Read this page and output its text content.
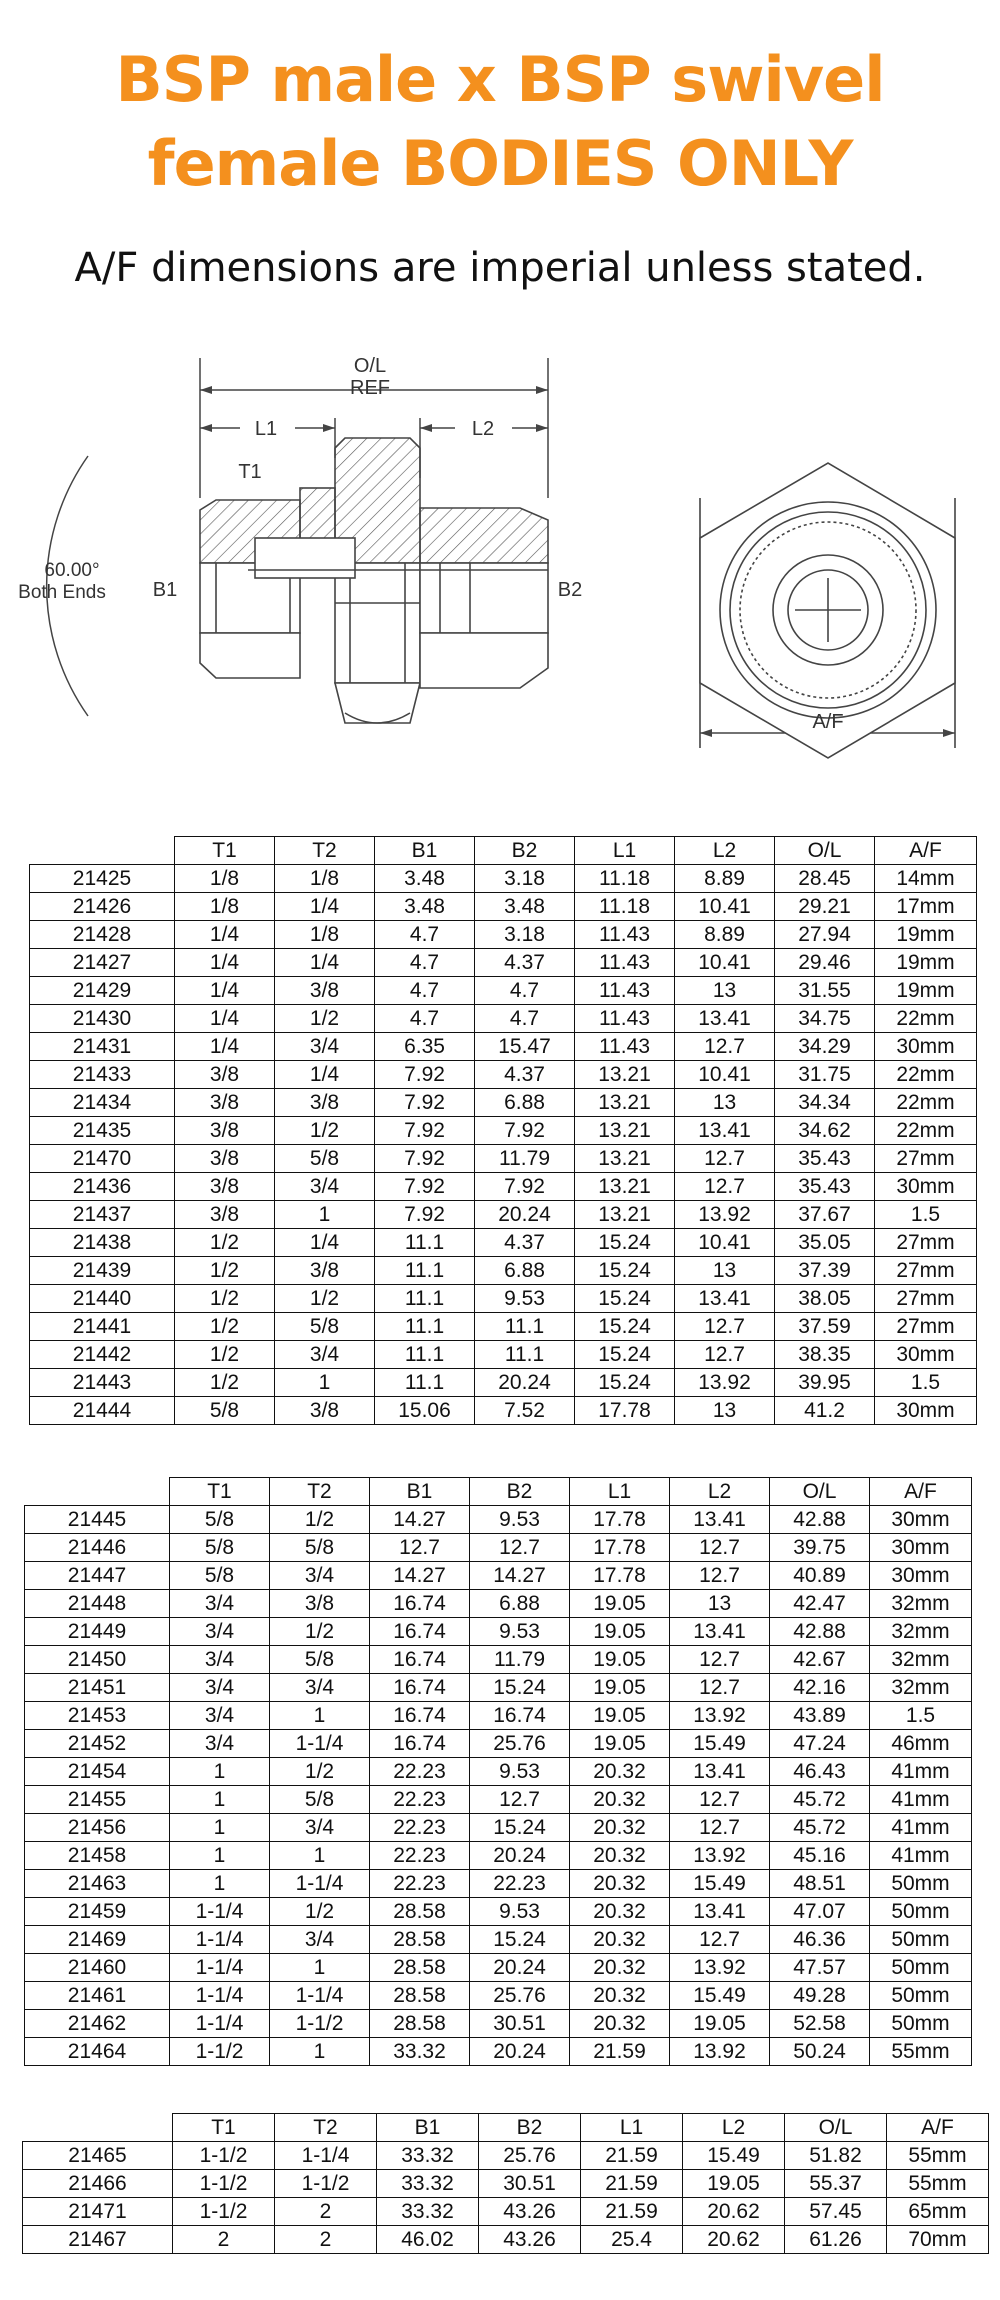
BSP male x BSP swivel
female BODIES ONLY
A/F dimensions are imperial unless stated.
O/L
REF
L1	L2
T1
B1	B2
60.00°
Both Ends
A/F
	T1	T2	B1	B2	L1	L2	O/L	A/F
21425	1/8	1/8	3.48	3.18	11.18	8.89	28.45	14mm
21426	1/8	1/4	3.48	3.48	11.18	10.41	29.21	17mm
21428	1/4	1/8	4.7	3.18	11.43	8.89	27.94	19mm
21427	1/4	1/4	4.7	4.37	11.43	10.41	29.46	19mm
21429	1/4	3/8	4.7	4.7	11.43	13	31.55	19mm
21430	1/4	1/2	4.7	4.7	11.43	13.41	34.75	22mm
21431	1/4	3/4	6.35	15.47	11.43	12.7	34.29	30mm
21433	3/8	1/4	7.92	4.37	13.21	10.41	31.75	22mm
21434	3/8	3/8	7.92	6.88	13.21	13	34.34	22mm
21435	3/8	1/2	7.92	7.92	13.21	13.41	34.62	22mm
21470	3/8	5/8	7.92	11.79	13.21	12.7	35.43	27mm
21436	3/8	3/4	7.92	7.92	13.21	12.7	35.43	30mm
21437	3/8	1	7.92	20.24	13.21	13.92	37.67	1.5
21438	1/2	1/4	11.1	4.37	15.24	10.41	35.05	27mm
21439	1/2	3/8	11.1	6.88	15.24	13	37.39	27mm
21440	1/2	1/2	11.1	9.53	15.24	13.41	38.05	27mm
21441	1/2	5/8	11.1	11.1	15.24	12.7	37.59	27mm
21442	1/2	3/4	11.1	11.1	15.24	12.7	38.35	30mm
21443	1/2	1	11.1	20.24	15.24	13.92	39.95	1.5
21444	5/8	3/8	15.06	7.52	17.78	13	41.2	30mm
	T1	T2	B1	B2	L1	L2	O/L	A/F
21445	5/8	1/2	14.27	9.53	17.78	13.41	42.88	30mm
21446	5/8	5/8	12.7	12.7	17.78	12.7	39.75	30mm
21447	5/8	3/4	14.27	14.27	17.78	12.7	40.89	30mm
21448	3/4	3/8	16.74	6.88	19.05	13	42.47	32mm
21449	3/4	1/2	16.74	9.53	19.05	13.41	42.88	32mm
21450	3/4	5/8	16.74	11.79	19.05	12.7	42.67	32mm
21451	3/4	3/4	16.74	15.24	19.05	12.7	42.16	32mm
21453	3/4	1	16.74	16.74	19.05	13.92	43.89	1.5
21452	3/4	1-1/4	16.74	25.76	19.05	15.49	47.24	46mm
21454	1	1/2	22.23	9.53	20.32	13.41	46.43	41mm
21455	1	5/8	22.23	12.7	20.32	12.7	45.72	41mm
21456	1	3/4	22.23	15.24	20.32	12.7	45.72	41mm
21458	1	1	22.23	20.24	20.32	13.92	45.16	41mm
21463	1	1-1/4	22.23	22.23	20.32	15.49	48.51	50mm
21459	1-1/4	1/2	28.58	9.53	20.32	13.41	47.07	50mm
21469	1-1/4	3/4	28.58	15.24	20.32	12.7	46.36	50mm
21460	1-1/4	1	28.58	20.24	20.32	13.92	47.57	50mm
21461	1-1/4	1-1/4	28.58	25.76	20.32	15.49	49.28	50mm
21462	1-1/4	1-1/2	28.58	30.51	20.32	19.05	52.58	50mm
21464	1-1/2	1	33.32	20.24	21.59	13.92	50.24	55mm
	T1	T2	B1	B2	L1	L2	O/L	A/F
21465	1-1/2	1-1/4	33.32	25.76	21.59	15.49	51.82	55mm
21466	1-1/2	1-1/2	33.32	30.51	21.59	19.05	55.37	55mm
21471	1-1/2	2	33.32	43.26	21.59	20.62	57.45	65mm
21467	2	2	46.02	43.26	25.4	20.62	61.26	70mm
